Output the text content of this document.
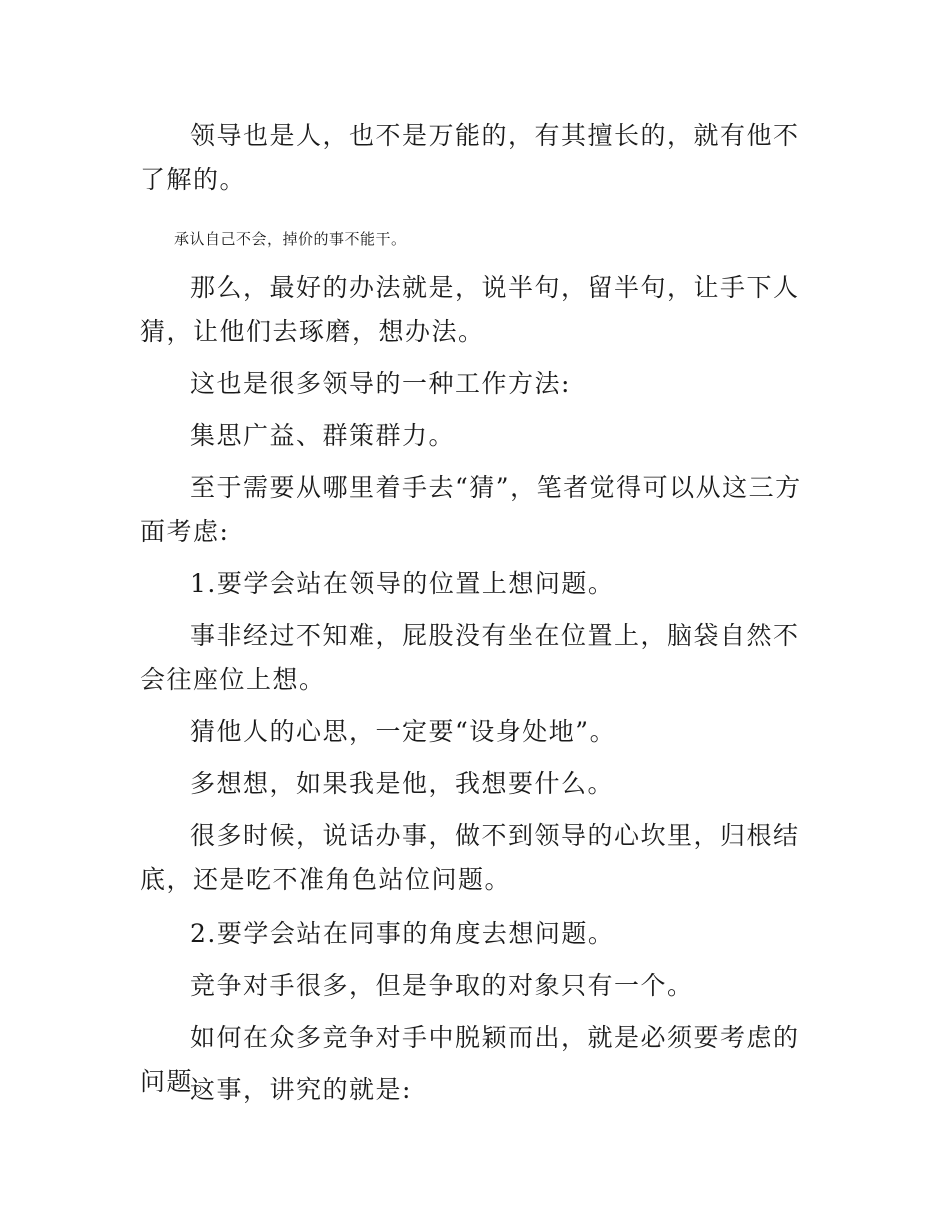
领导也是人，也不是万能的，有其擅长的，就有他不了解的。

承认自己不会，掉价的事不能干。

那么，最好的办法就是，说半句，留半句，让手下人猜，让他们去琢磨，想办法。

这也是很多领导的一种工作方法:

集思广益、群策群力。

至于需要从哪里着手去“猜”，笔者觉得可以从这三方面考虑:

1.要学会站在领导的位置上想问题。

事非经过不知难，屁股没有坐在位置上，脑袋自然不会往座位上想。

猜他人的心思，一定要“设身处地”。

多想想，如果我是他，我想要什么。

很多时候，说话办事，做不到领导的心坎里，归根结底，还是吃不准角色站位问题。

2.要学会站在同事的角度去想问题。

竞争对手很多，但是争取的对象只有一个。

如何在众多竞争对手中脱颖而出，就是必须要考虑的问题。

这事，讲究的就是:
